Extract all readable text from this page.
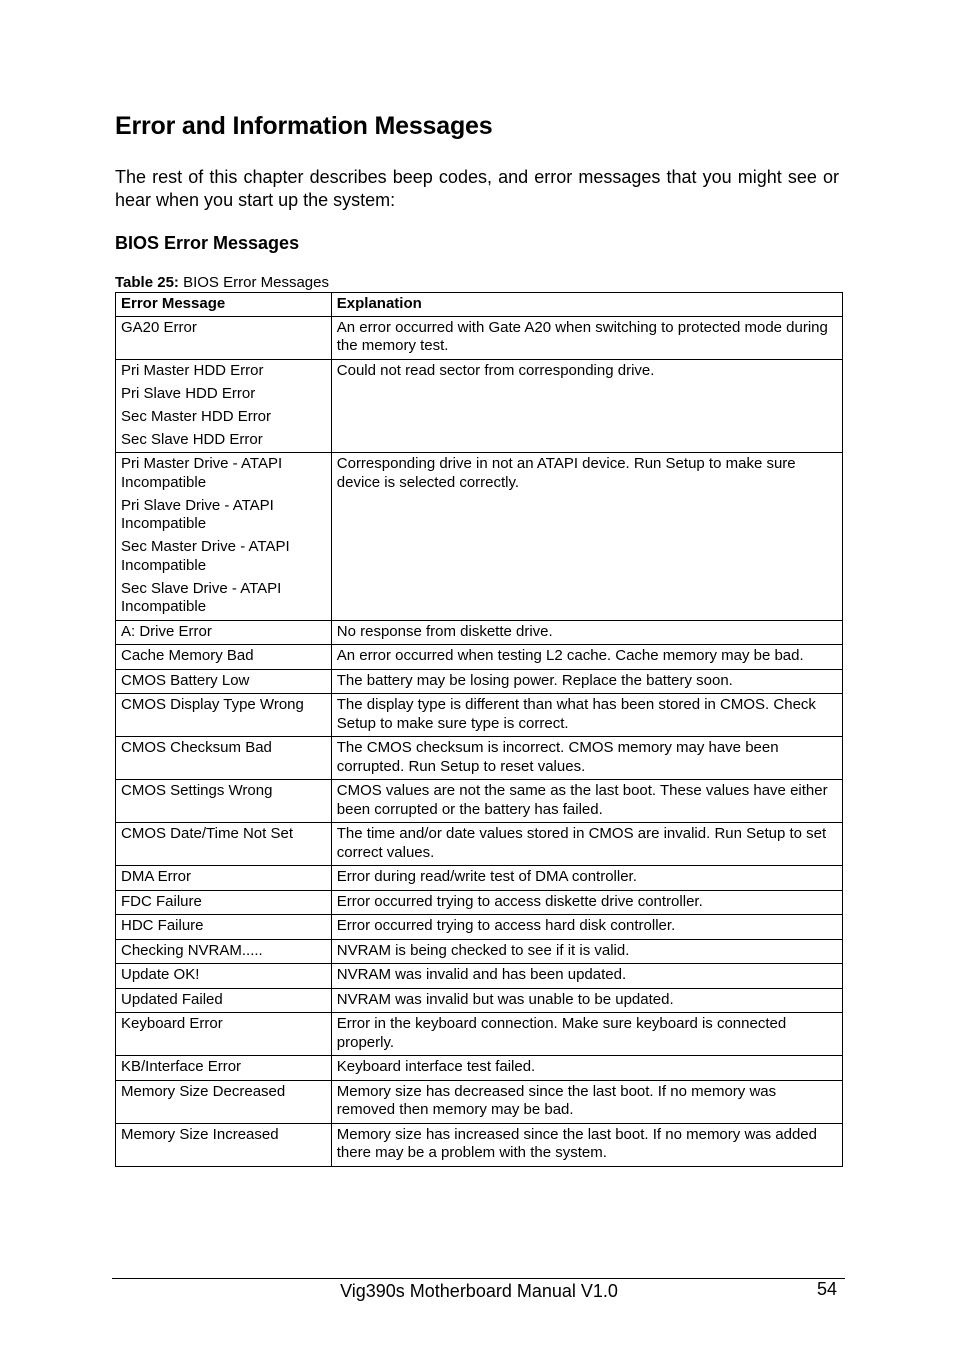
Error and Information Messages

The rest of this chapter describes beep codes, and error messages that you might see or hear when you start up the system:

BIOS Error Messages
Table 25: BIOS Error Messages
Error Message	Explanation

GA20 Error	An error occurred with Gate A20 when switching to protected mode during the memory test.

Pri Master HDD Error
Pri Slave HDD Error
Sec Master HDD Error
Sec Slave HDD Error	Could not read sector from corresponding drive.

Pri Master Drive - ATAPI Incompatible
Pri Slave Drive - ATAPI Incompatible
Sec Master Drive - ATAPI Incompatible
Sec Slave Drive - ATAPI Incompatible	Corresponding drive in not an ATAPI device. Run Setup to make sure device is selected correctly.

A: Drive Error	No response from diskette drive.

Cache Memory Bad	An error occurred when testing L2 cache. Cache memory may be bad.

CMOS Battery Low	The battery may be losing power. Replace the battery soon.

CMOS Display Type Wrong	The display type is different than what has been stored in CMOS. Check Setup to make sure type is correct.

CMOS Checksum Bad	The CMOS checksum is incorrect. CMOS memory may have been corrupted. Run Setup to reset values.

CMOS Settings Wrong	CMOS values are not the same as the last boot. These values have either been corrupted or the battery has failed.

CMOS Date/Time Not Set	The time and/or date values stored in CMOS are invalid. Run Setup to set correct values.

DMA Error	Error during read/write test of DMA controller.

FDC Failure	Error occurred trying to access diskette drive controller.

HDC Failure	Error occurred trying to access hard disk controller.

Checking NVRAM.....	NVRAM is being checked to see if it is valid.

Update OK!	NVRAM was invalid and has been updated.

Updated Failed	NVRAM was invalid but was unable to be updated.

Keyboard Error	Error in the keyboard connection. Make sure keyboard is connected properly.

KB/Interface Error	Keyboard interface test failed.

Memory Size Decreased	Memory size has decreased since the last boot. If no memory was removed then memory may be bad.

Memory Size Increased	Memory size has increased since the last boot. If no memory was added there may be a problem with the system.
Vig390s Motherboard Manual V1.0	54
